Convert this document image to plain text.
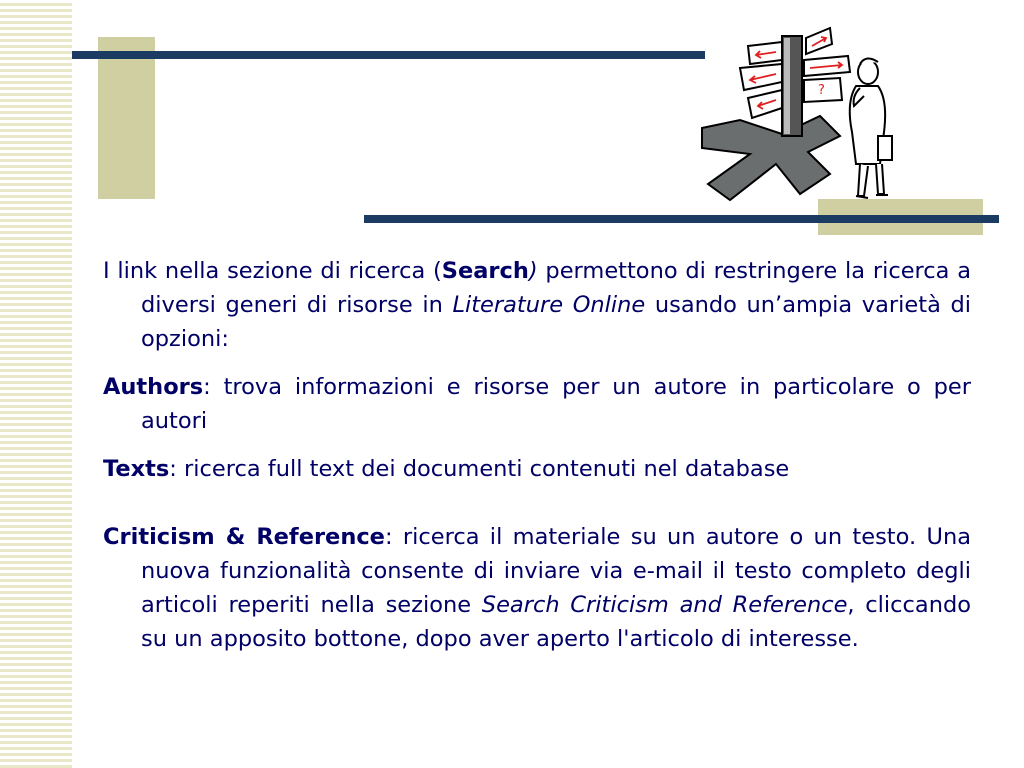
?

I link nella sezione di ricerca (Search) permettono di restringere la ricerca a diversi generi di risorse in Literature Online usando un’ampia varietà di opzioni:

Authors: trova informazioni e risorse per un autore in particolare o per autori

Texts: ricerca full text dei documenti contenuti nel database

Criticism & Reference: ricerca il materiale su un autore o un testo. Una nuova funzionalità consente di inviare via e-mail il testo completo degli articoli reperiti nella sezione Search Criticism and Reference, cliccando su un apposito bottone, dopo aver aperto l'articolo di interesse.
